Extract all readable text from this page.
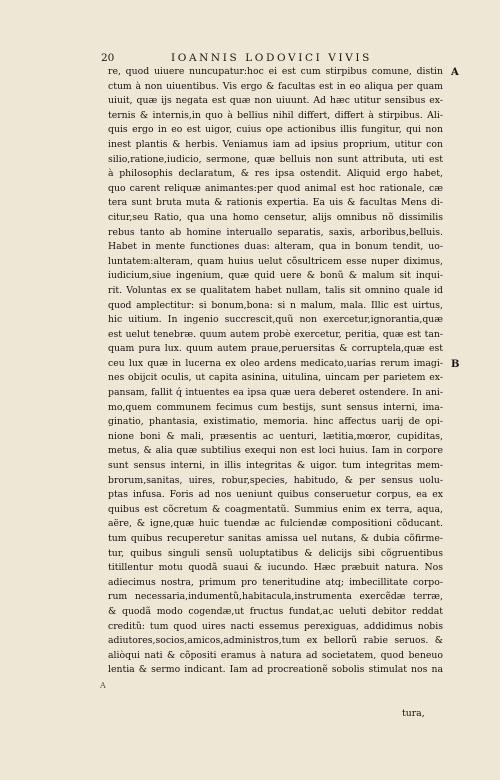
20	IOANNIS LODOVICI VIVIS
A
B
re, quod uiuere nuncupatur:hoc ei est cum stirpibus comune, distin
ctum à non uiuentibus. Vis ergo & facultas est in eo aliqua per quam
uiuit, quæ ijs negata est quæ non uiuunt. Ad hæc utitur sensibus ex-
ternis & internis,in quo à bellius nihil differt, differt à stirpibus. Ali-
quis ergo in eo est uigor, cuius ope actionibus illis fungitur, qui non
inest plantis & herbis. Veniamus iam ad ipsius proprium, utitur con
silio,ratione,iudicio, sermone, quæ belluis non sunt attributa, uti est
à philosophis declaratum, & res ipsa ostendit. Aliquid ergo habet,
quo carent reliquæ animantes:per quod animal est hoc rationale, cæ
tera sunt bruta muta & rationis expertia. Ea uis & facultas Mens di-
citur,seu Ratio, qua una homo censetur, alijs omnibus nõ dissimilis
rebus tanto ab homine interuallo separatis, saxis, arboribus,belluis.
Habet in mente functiones duas: alteram, qua in bonum tendit, uo-
luntatem:alteram, quam huius uelut cõsultricem esse nuper diximus,
iudicium,siue ingenium, quæ quid uere & bonũ & malum sit inqui-
rit. Voluntas ex se qualitatem habet nullam, talis sit omnino quale id
quod amplectitur: si bonum,bona: si n malum, mala. Illic est uirtus,
hic uitium. In ingenio succrescit,quũ non exercetur,ignorantia,quæ
est uelut tenebræ. quum autem probè exercetur, peritia, quæ est tan-
quam pura lux. quum autem praue,peruersitas & corruptela,quæ est
ceu lux quæ in lucerna ex oleo ardens medicato,uarias rerum imagi-
nes obijcit oculis, ut capita asinina, uitulina, uincam per parietem ex-
pansam, fallit q́ intuentes ea ipsa quæ uera deberet ostendere. In ani-
mo,quem communem fecimus cum bestijs, sunt sensus interni, ima-
ginatio, phantasia, existimatio, memoria. hinc affectus uarij de opi-
nione boni & mali, præsentis ac uenturi, lætitia,mœror, cupiditas,
metus, & alia quæ subtilius exequi non est loci huius. Iam in corpore
sunt sensus interni, in illis integritas & uigor. tum integritas mem-
brorum,sanitas, uires, robur,species, habitudo, & per sensus uolu-
ptas infusa. Foris ad nos ueniunt quibus conseruetur corpus, ea ex
quibus est cõcretum & coagmentatũ. Summius enim ex terra, aqua,
aëre, & igne,quæ huic tuendæ ac fulciendæ compositioni cõducant.
tum quibus recuperetur sanitas amissa uel nutans, & dubia cõfirme-
tur, quibus singuli sensũ uoluptatibus & delicijs sibi cõgruentibus
titillentur motu quodã suaui & iucundo. Hæc præbuit natura. Nos
adiecimus nostra, primum pro teneritudine atq; imbecillitate corpo-
rum necessaria,indumentũ,habitacula,instrumenta exercẽdæ terræ,
& quodã modo cogendæ,ut fructus fundat,ac ueluti debitor reddat
creditũ: tum quod uires nacti essemus perexiguas, addidimus nobis
adiutores,socios,amicos,administros,tum ex bellorũ rabie seruos. &
aliòqui nati & cõpositi eramus à natura ad societatem, quod beneuo
lentia & sermo indicant. Iam ad procreationẽ sobolis stimulat nos na
A
tura,
